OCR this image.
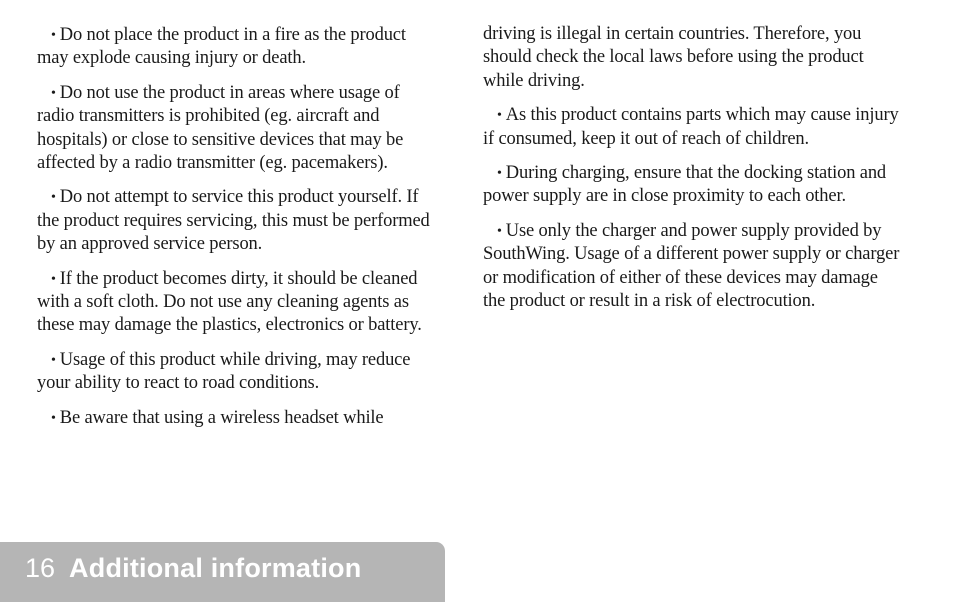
• Do not place the product in a fire as the product may explode causing injury or death.

• Do not use the product in areas where usage of radio transmitters is prohibited (eg. aircraft and hospitals) or close to sensitive devices that may be affected by a radio transmitter (eg. pacemakers).

• Do not attempt to service this product yourself. If the product requires servicing, this must be performed by an approved service person.

• If the product becomes dirty, it should be cleaned with a soft cloth. Do not use any cleaning agents as these may damage the plastics, electronics or battery.

• Usage of this product while driving, may reduce your ability to react to road conditions.

• Be aware that using a wireless headset while

driving is illegal in certain countries. Therefore, you should check the local laws before using the product while driving.

• As this product contains parts which may cause injury if consumed, keep it out of reach of children.

• During charging, ensure that the docking station and power supply are in close proximity to each other.

• Use only the charger and power supply provided by SouthWing. Usage of a different power supply or charger or modification of either of these devices may damage the product or result in a risk of electrocution.

16 Additional information
